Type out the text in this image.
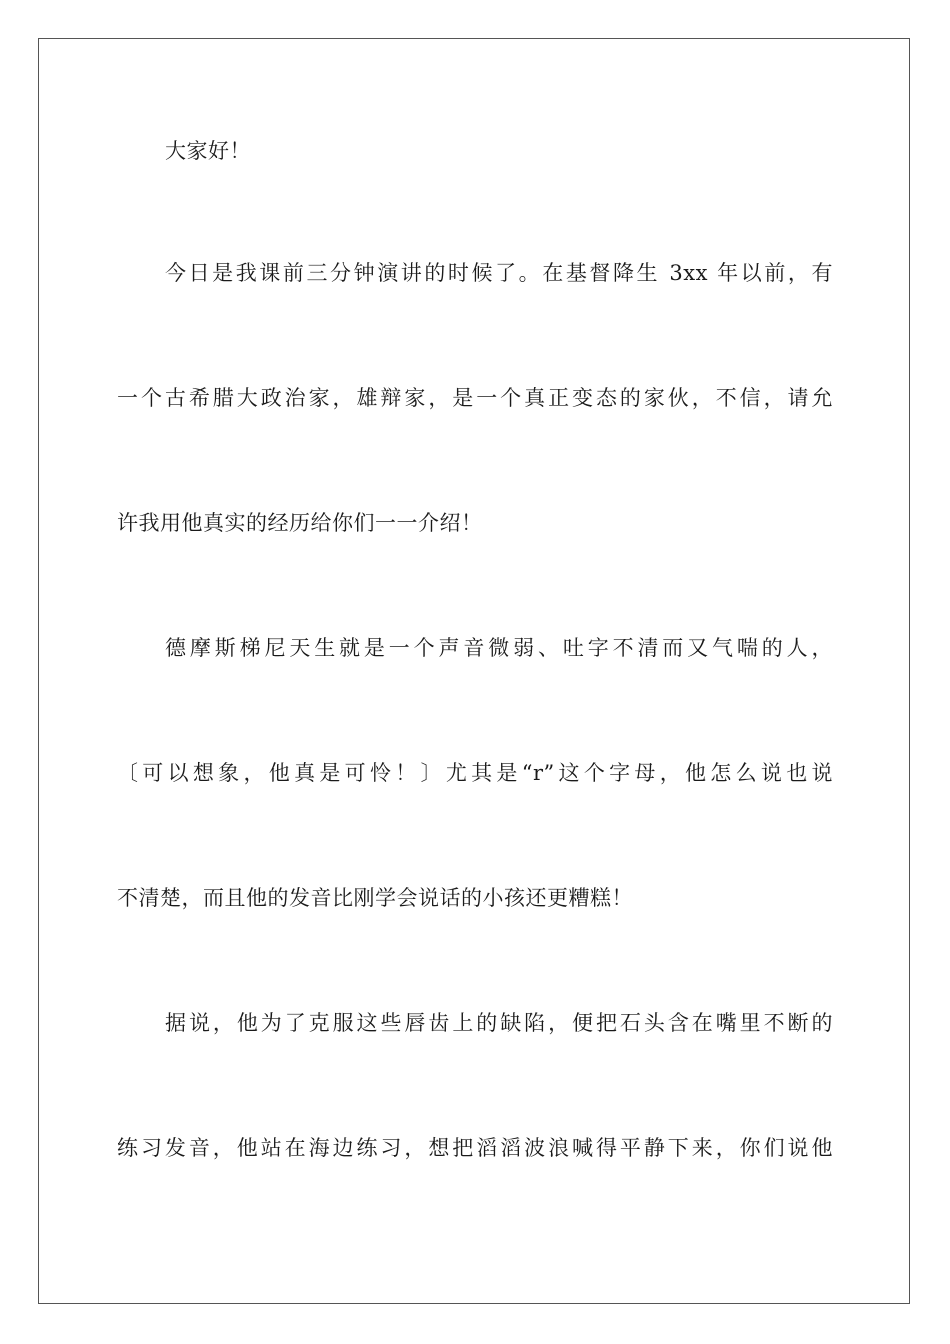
大家好！
今日是我课前三分钟演讲的时候了。在基督降生 3xx 年以前，有
一个古希腊大政治家，雄辩家，是一个真正变态的家伙，不信，请允
许我用他真实的经历给你们一一介绍！
德摩斯梯尼天生就是一个声音微弱、吐字不清而又气喘的人，
〔可以想象，他真是可怜！〕尤其是“r”这个字母，他怎么说也说
不清楚，而且他的发音比刚学会说话的小孩还更糟糕！
据说，他为了克服这些唇齿上的缺陷，便把石头含在嘴里不断的
练习发音，他站在海边练习，想把滔滔波浪喊得平静下来，你们说他
